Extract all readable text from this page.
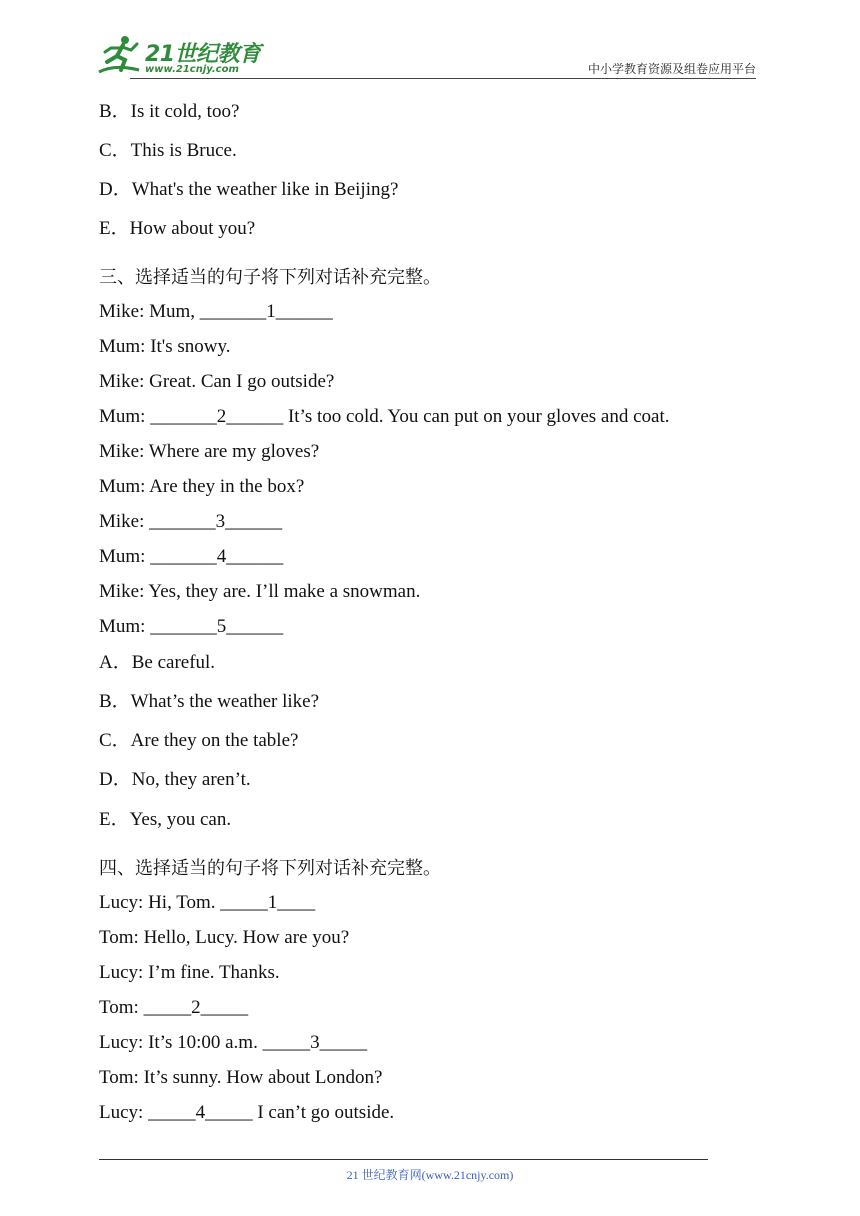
21世纪教育
www.21cnjy.com	中小学教育资源及组卷应用平台
B．Is it cold, too?
C．This is Bruce.
D．What's the weather like in Beijing?
E．How about you?
三、选择适当的句子将下列对话补充完整。
Mike: Mum, _______1______
Mum: It's snowy.
Mike: Great. Can I go outside?
Mum: _______2______ It’s too cold. You can put on your gloves and coat.
Mike: Where are my gloves?
Mum: Are they in the box?
Mike: _______3______
Mum: _______4______
Mike: Yes, they are. I’ll make a snowman.
Mum: _______5______
A．Be careful.
B．What’s the weather like?
C．Are they on the table?
D．No, they aren’t.
E．Yes, you can.
四、选择适当的句子将下列对话补充完整。
Lucy: Hi, Tom. _____1____
Tom: Hello, Lucy. How are you?
Lucy: I’m fine. Thanks.
Tom: _____2_____
Lucy: It’s 10:00 a.m. _____3_____
Tom: It’s sunny. How about London?
Lucy: _____4_____ I can’t go outside.
21 世纪教育网(www.21cnjy.com)
